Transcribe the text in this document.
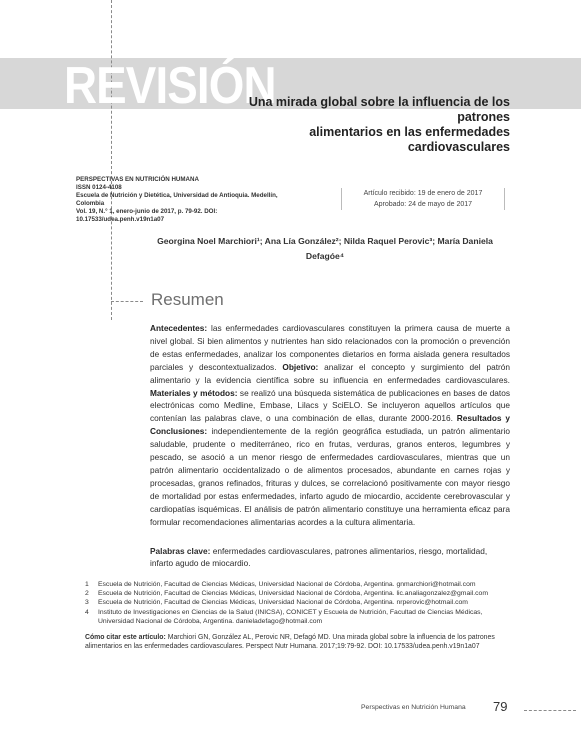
REVISIÓN
Una mirada global sobre la influencia de los patrones
alimentarios en las enfermedades cardiovasculares
PERSPECTIVAS EN NUTRICIÓN HUMANA
ISSN 0124-4108
Escuela de Nutrición y Dietética, Universidad de Antioquia. Medellín, Colombia
Vol. 19, N.° 1, enero-junio de 2017, p. 79-92. DOI: 10.17533/udea.penh.v19n1a07
Artículo recibido: 19 de enero de 2017
Aprobado: 24 de mayo de 2017
Georgina Noel Marchiori¹; Ana Lía González²; Nilda Raquel Perovic³; María Daniela
Defagóe⁴
Resumen
Antecedentes: las enfermedades cardiovasculares constituyen la primera causa de muerte a nivel global. Si bien alimentos y nutrientes han sido relacionados con la promoción o prevención de estas enfermedades, analizar los componentes dietarios en forma aislada genera resultados parciales y descontextualizados. Objetivo: analizar el concepto y surgimiento del patrón alimentario y la evidencia científica sobre su influencia en enfermedades cardiovasculares. Materiales y métodos: se realizó una búsqueda sistemática de publicaciones en bases de datos electrónicas como Medline, Embase, Lilacs y SciELO. Se incluyeron aquellos artículos que contenían las palabras clave, o una combinación de ellas, durante 2000-2016. Resultados y Conclusiones: independientemente de la región geográfica estudiada, un patrón alimentario saludable, prudente o mediterráneo, rico en frutas, verduras, granos enteros, legumbres y pescado, se asoció a un menor riesgo de enfermedades cardiovasculares, mientras que un patrón alimentario occidentalizado o de alimentos procesados, abundante en carnes rojas y procesadas, granos refinados, frituras y dulces, se correlacionó positivamente con mayor riesgo de mortalidad por estas enfermedades, infarto agudo de miocardio, accidente cerebrovascular y cardiopatías isquémicas. El análisis de patrón alimentario constituye una herramienta eficaz para formular recomendaciones alimentarias acordes a la cultura alimentaria.
Palabras clave: enfermedades cardiovasculares, patrones alimentarios, riesgo, mortalidad, infarto agudo de miocardio.
1	Escuela de Nutrición, Facultad de Ciencias Médicas, Universidad Nacional de Córdoba, Argentina. gnmarchiori@hotmail.com
2	Escuela de Nutrición, Facultad de Ciencias Médicas, Universidad Nacional de Córdoba, Argentina. lic.analiagonzalez@gmail.com
3	Escuela de Nutrición, Facultad de Ciencias Médicas, Universidad Nacional de Córdoba, Argentina. nrperovic@hotmail.com
4	Instituto de Investigaciones en Ciencias de la Salud (INICSA), CONICET y Escuela de Nutrición, Facultad de Ciencias Médicas, Universidad Nacional de Córdoba, Argentina. danieladefago@hotmail.com
Cómo citar este artículo: Marchiori GN, González AL, Perovic NR, Defagó MD. Una mirada global sobre la influencia de los patrones alimentarios en las enfermedades cardiovasculares. Perspect Nutr Humana. 2017;19:79-92. DOI: 10.17533/udea.penh.v19n1a07
Perspectivas en Nutrición Humana 79
